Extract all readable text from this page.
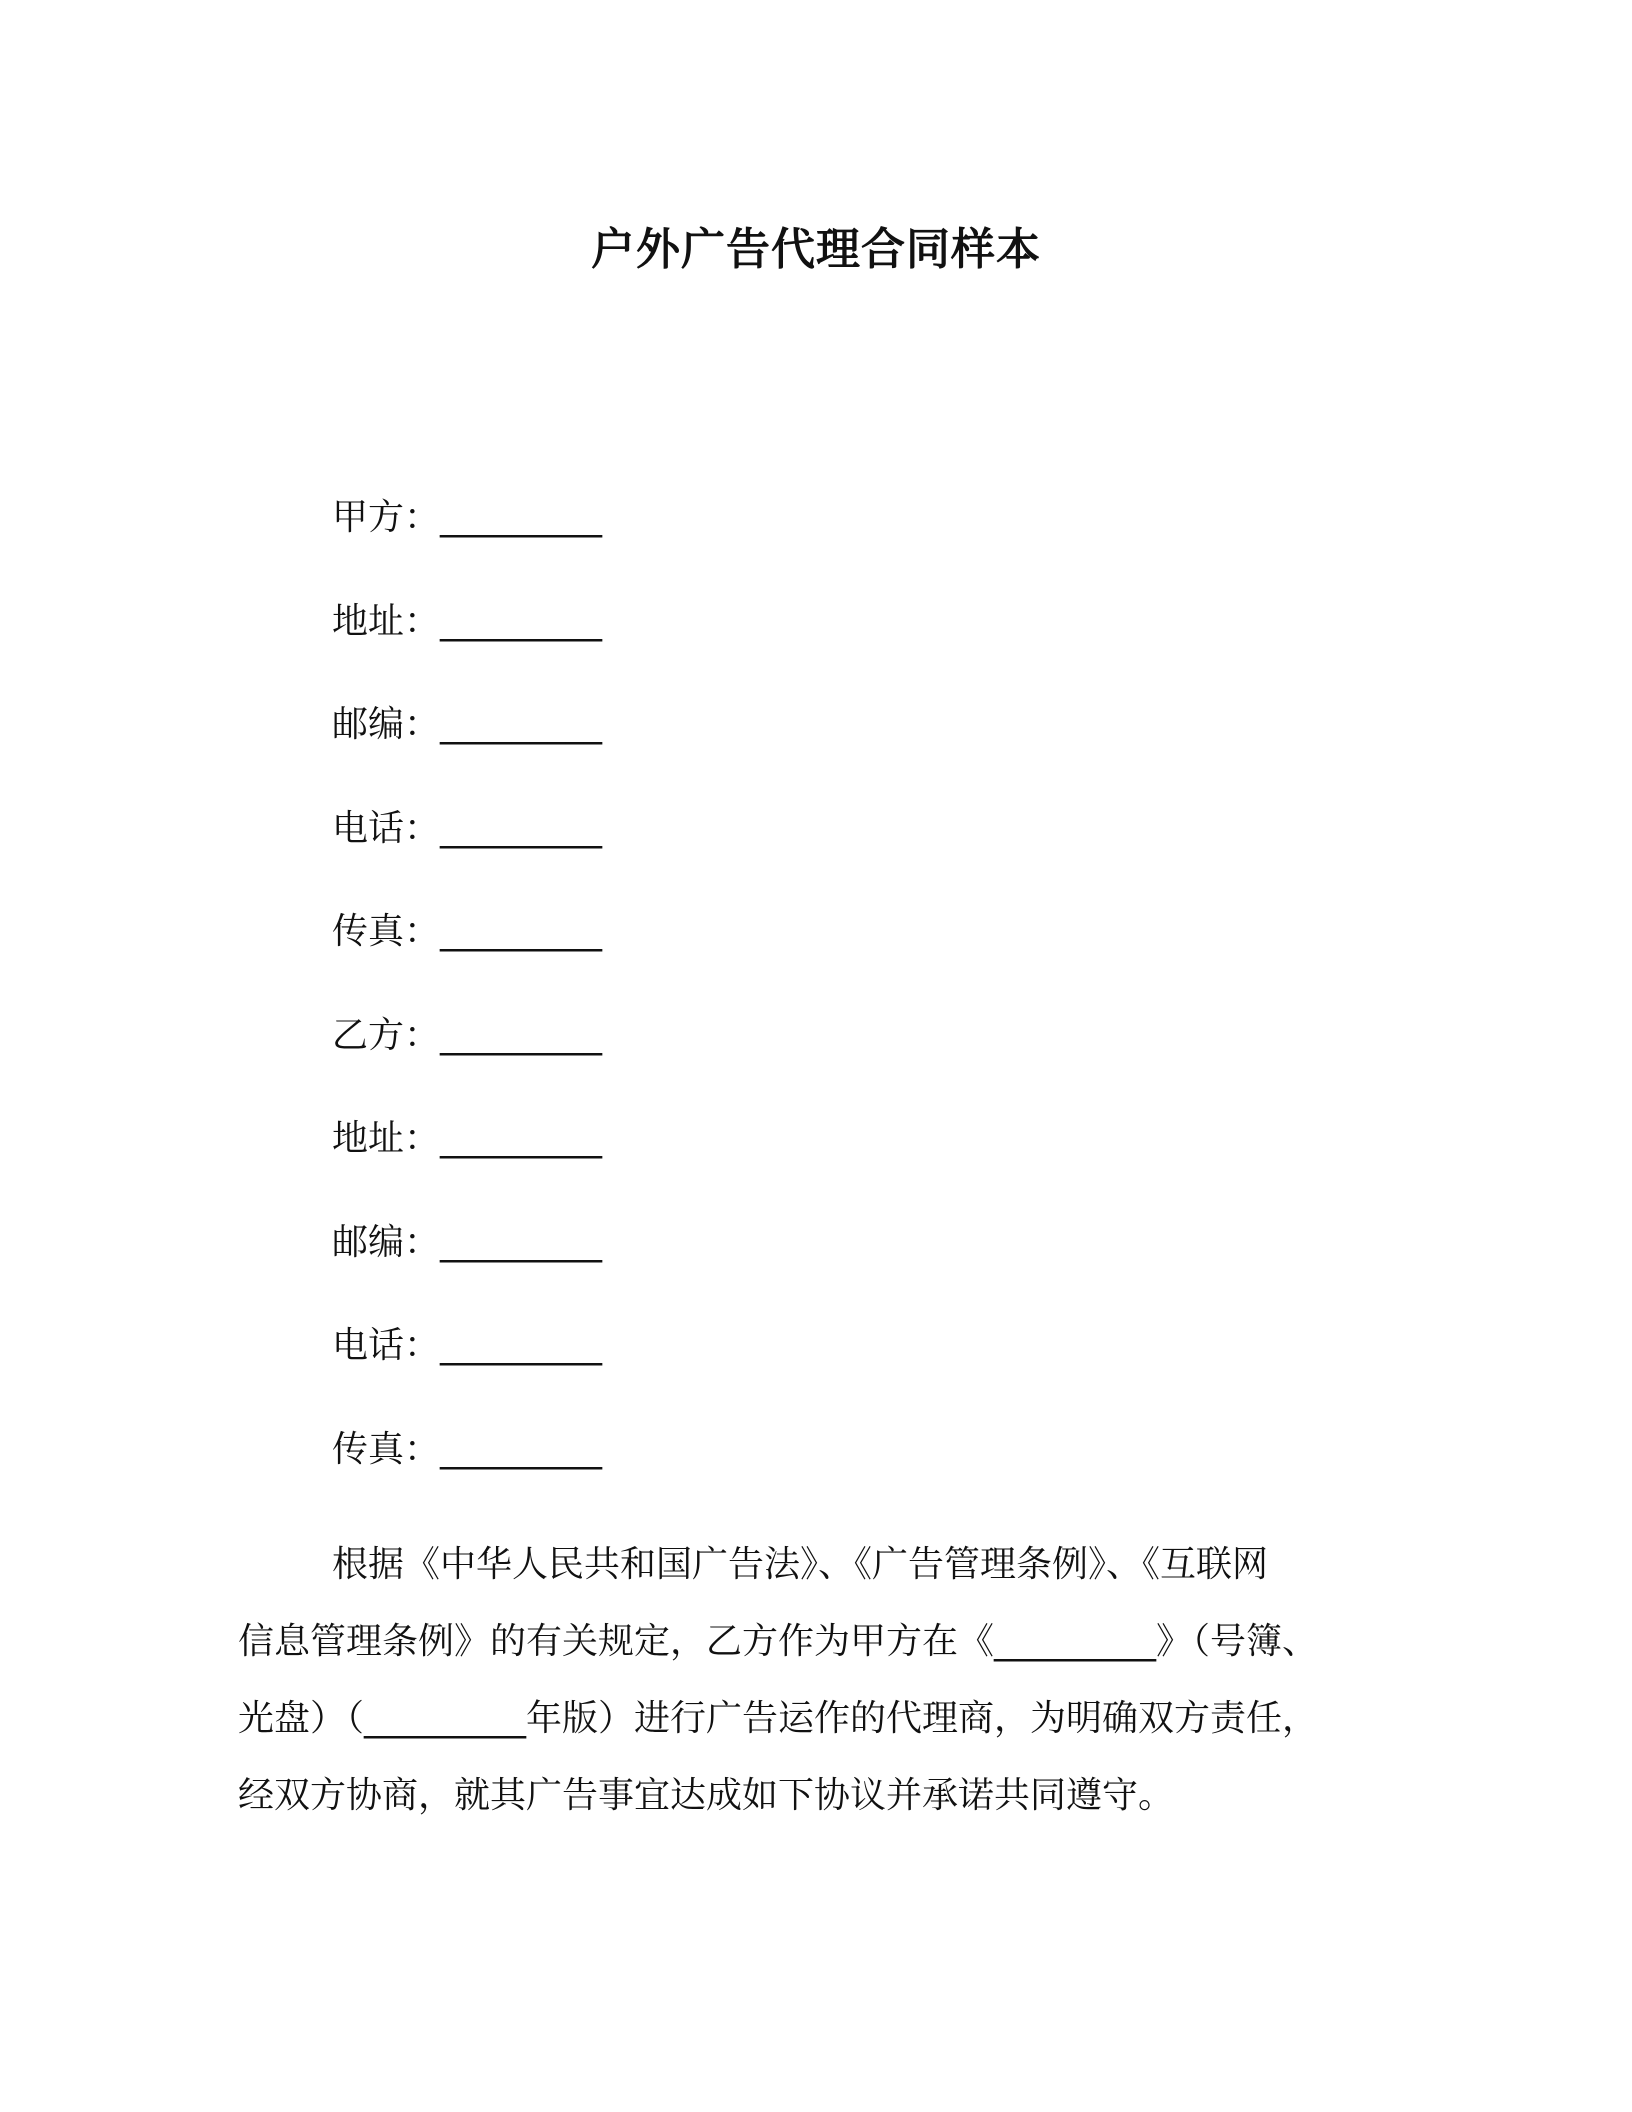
户外广告代理合同样本
甲方： _________
地址： _________
邮编： _________
电话： _________
传真： _________
乙方： _________
地址： _________
邮编： _________
电话： _________
传真： _________
根据《中华人民共和国广告法》、《广告管理条例》、《互联网
信息管理条例》的有关规定，乙方作为甲方在《_________》（号簿、
光盘）（_________年版）进行广告运作的代理商，为明确双方责任，
经双方协商，就其广告事宜达成如下协议并承诺共同遵守。
